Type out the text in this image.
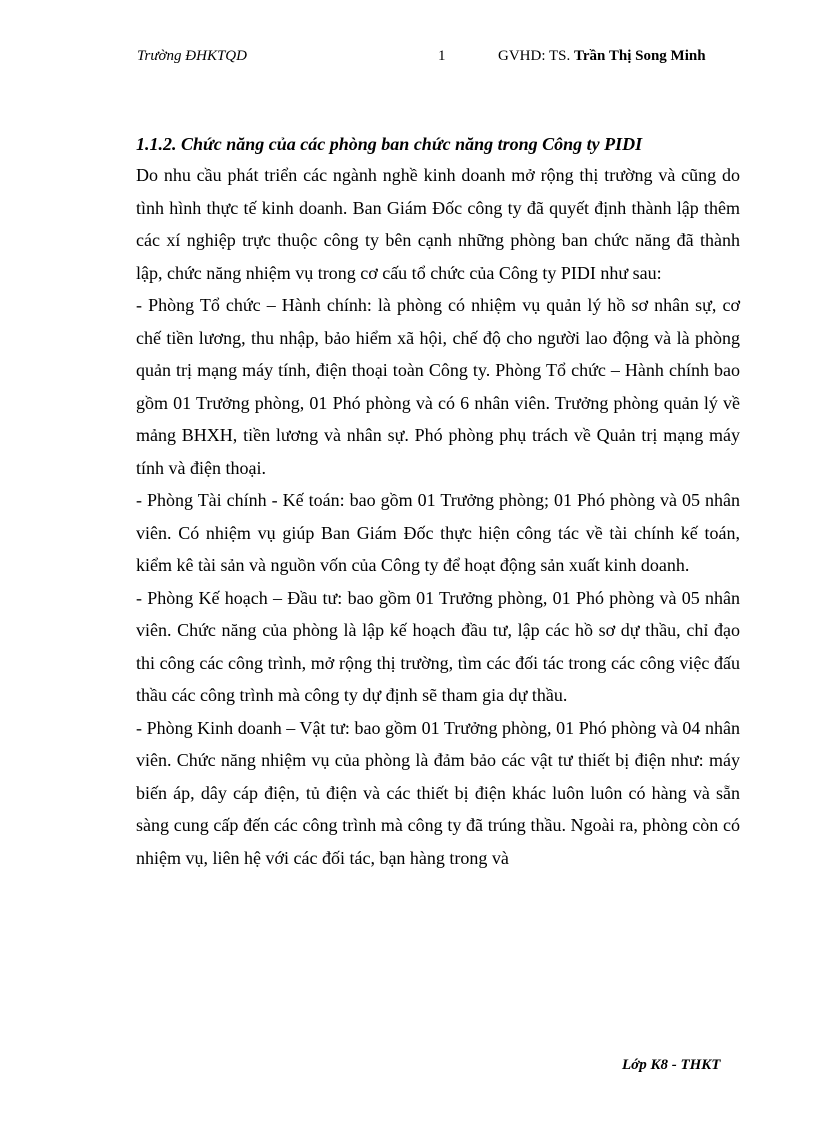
Trường ĐHKTQD	1	GVHD: TS. Trần Thị Song Minh

1.1.2. Chức năng của các phòng ban chức năng trong Công ty PIDI

Do nhu cầu phát triển các ngành nghề kinh doanh mở rộng thị trường và cũng do tình hình thực tế kinh doanh. Ban Giám Đốc công ty đã quyết định thành lập thêm các xí nghiệp trực thuộc công ty bên cạnh những phòng ban chức năng đã thành lập, chức năng nhiệm vụ trong cơ cấu tổ chức của Công ty PIDI như sau:

- Phòng Tổ chức – Hành chính: là phòng có nhiệm vụ quản lý hồ sơ nhân sự, cơ chế tiền lương, thu nhập, bảo hiểm xã hội, chế độ cho người lao động và là phòng quản trị mạng máy tính, điện thoại toàn Công ty. Phòng Tổ chức – Hành chính bao gồm 01 Trưởng phòng, 01 Phó phòng và có 6 nhân viên. Trưởng phòng quản lý về mảng BHXH, tiền lương và nhân sự. Phó phòng phụ trách về Quản trị mạng máy tính và điện thoại.

- Phòng Tài chính - Kế toán: bao gồm 01 Trưởng phòng; 01 Phó phòng và 05 nhân viên. Có nhiệm vụ giúp Ban Giám Đốc thực hiện công tác về tài chính kế toán, kiểm kê tài sản và nguồn vốn của Công ty để hoạt động sản xuất kinh doanh.

- Phòng Kế hoạch – Đầu tư: bao gồm 01 Trưởng phòng, 01 Phó phòng và 05 nhân viên. Chức năng của phòng là lập kế hoạch đầu tư, lập các hồ sơ dự thầu, chỉ đạo thi công các công trình, mở rộng thị trường, tìm các đối tác trong các công việc đấu thầu các công trình mà công ty dự định sẽ tham gia dự thầu.

- Phòng Kinh doanh – Vật tư: bao gồm 01 Trưởng phòng, 01 Phó phòng và 04 nhân viên. Chức năng nhiệm vụ của phòng là đảm bảo các vật tư thiết bị điện như: máy biến áp, dây cáp điện, tủ điện và các thiết bị điện khác luôn luôn có hàng và sẵn sàng cung cấp đến các công trình mà công ty đã trúng thầu. Ngoài ra, phòng còn có nhiệm vụ, liên hệ với các đối tác, bạn hàng trong và

Lớp K8 - THKT
